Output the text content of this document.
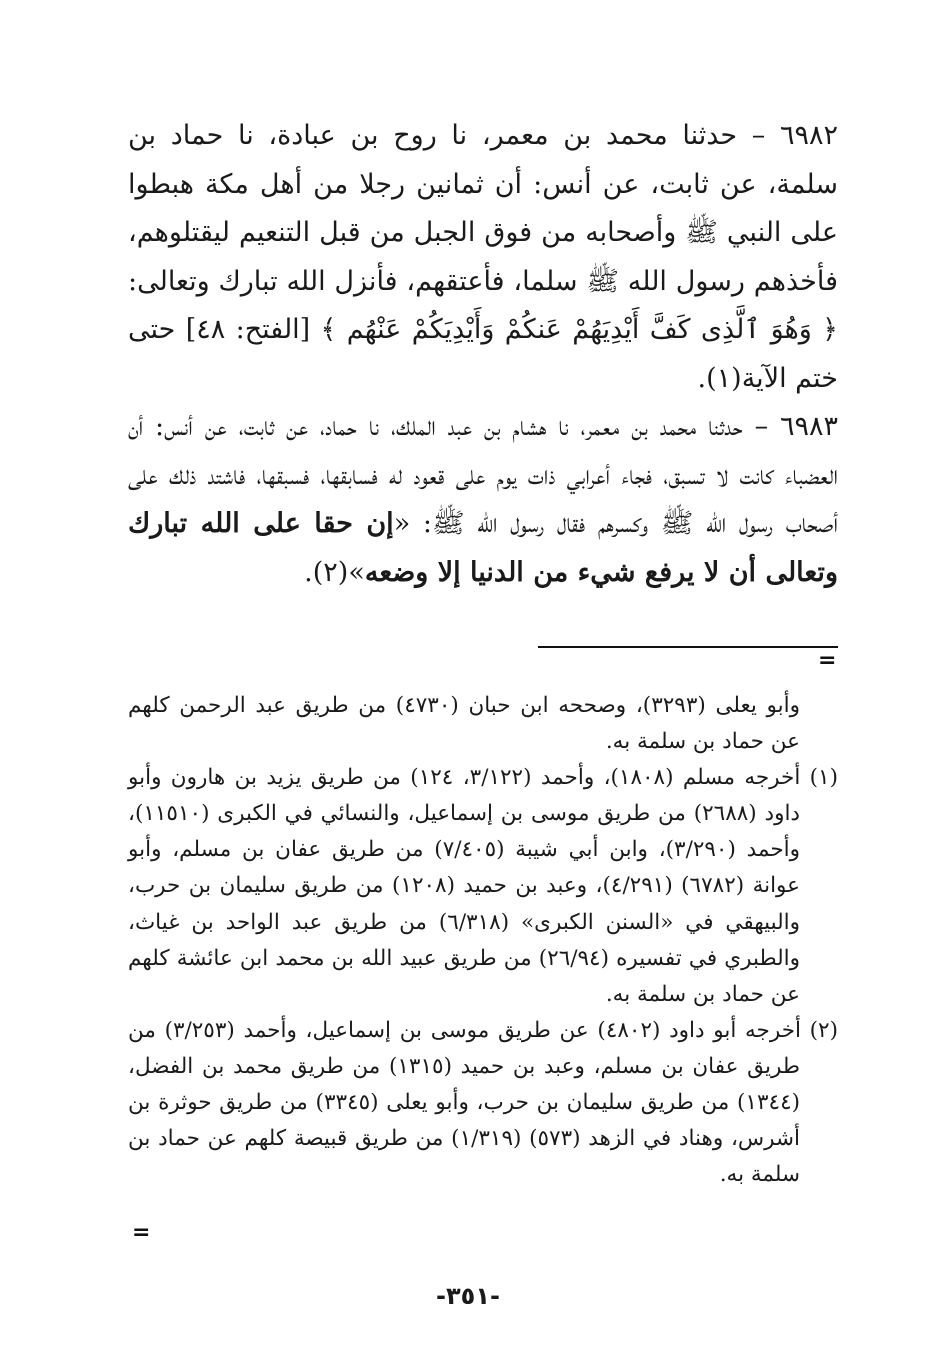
٦٩٨٢ – حدثنا محمد بن معمر، نا روح بن عبادة، نا حماد بن سلمة، عن ثابت، عن أنس: أن ثمانين رجلا من أهل مكة هبطوا على النبي ﷺ وأصحابه من فوق الجبل من قبل التنعيم ليقتلوهم، فأخذهم رسول الله ﷺ سلما، فأعتقهم، فأنزل الله تبارك وتعالى: ﴿ وَهُوَ ٱلَّذِى كَفَّ أَيْدِيَهُمْ عَنكُمْ وَأَيْدِيَكُمْ عَنْهُم ﴾ [الفتح: ٤٨] حتى ختم الآية(١).

٦٩٨٣ – حدثنا محمد بن معمر، نا هشام بن عبد الملك، نا حماد، عن ثابت، عن أنس: أن العضباء كانت لا تسبق، فجاء أعرابي ذات يوم على قعود له فسابقها، فسبقها، فاشتد ذلك على أصحاب رسول الله ﷺ وكسرهم فقال رسول الله ﷺ: «إن حقا على الله تبارك وتعالى أن لا يرفع شيء من الدنيا إلا وضعه»(٢).

=

وأبو يعلى (٣٢٩٣)، وصححه ابن حبان (٤٧٣٠) من طريق عبد الرحمن كلهم عن حماد بن سلمة به.

(١) أخرجه مسلم (١٨٠٨)، وأحمد (٣/١٢٢، ١٢٤) من طريق يزيد بن هارون وأبو داود (٢٦٨٨) من طريق موسى بن إسماعيل، والنسائي في الكبرى (١١٥١٠)، وأحمد (٣/٢٩٠)، وابن أبي شيبة (٧/٤٠٥) من طريق عفان بن مسلم، وأبو عوانة (٦٧٨٢) (٤/٢٩١)، وعبد بن حميد (١٢٠٨) من طريق سليمان بن حرب، والبيهقي في «السنن الكبرى» (٦/٣١٨) من طريق عبد الواحد بن غياث، والطبري في تفسيره (٢٦/٩٤) من طريق عبيد الله بن محمد ابن عائشة كلهم عن حماد بن سلمة به.

(٢) أخرجه أبو داود (٤٨٠٢) عن طريق موسى بن إسماعيل، وأحمد (٣/٢٥٣) من طريق عفان بن مسلم، وعبد بن حميد (١٣١٥) من طريق محمد بن الفضل، (١٣٤٤) من طريق سليمان بن حرب، وأبو يعلى (٣٣٤٥) من طريق حوثرة بن أشرس، وهناد في الزهد (٥٧٣) (١/٣١٩) من طريق قبيصة كلهم عن حماد بن سلمة به.

=
-٣٥١-
